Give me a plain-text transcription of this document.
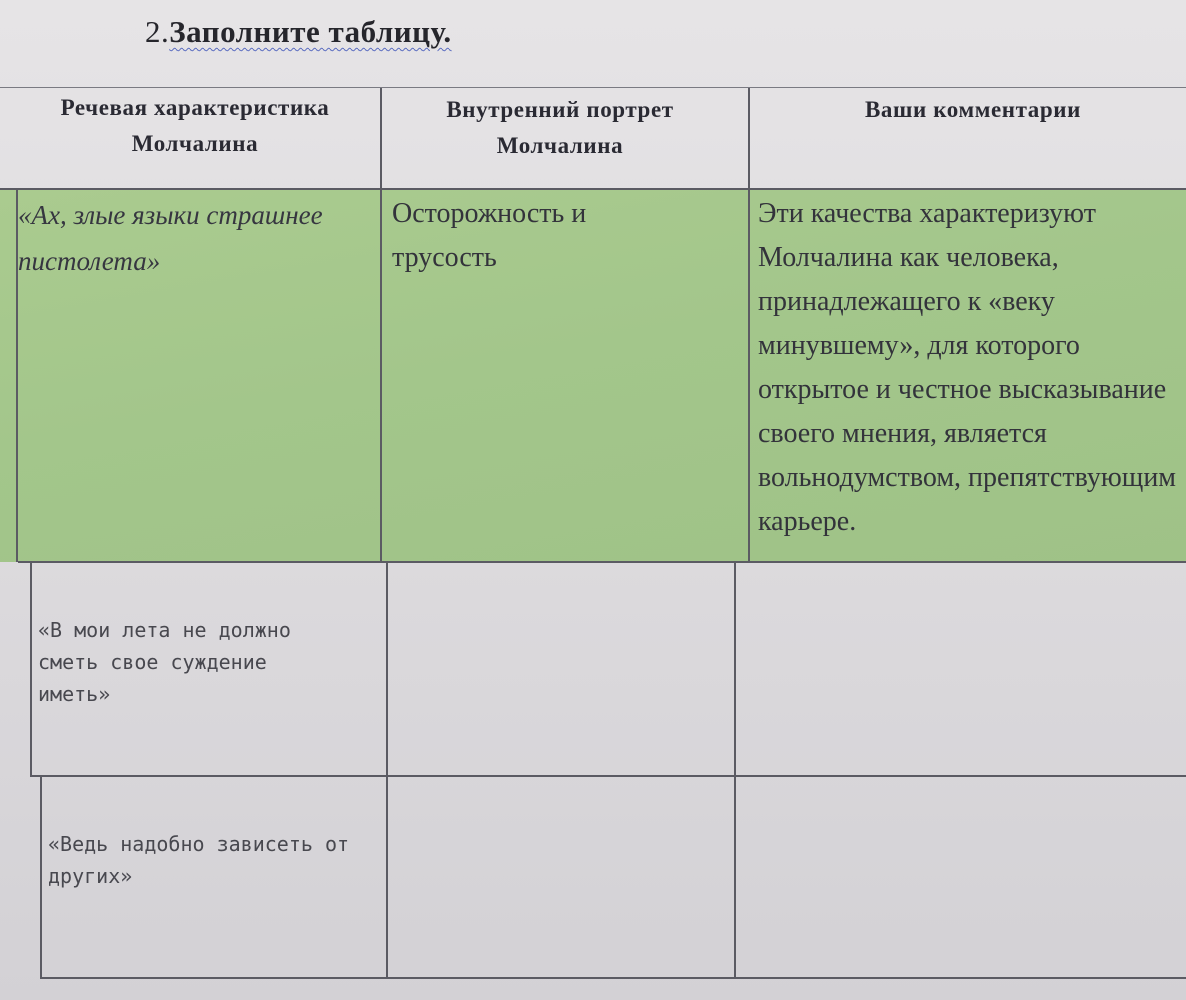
2.Заполните таблицу.
Речевая характеристика Молчалина
Внутренний портрет Молчалина
Ваши комментарии
«Ах, злые языки страшнее пистолета»
Осторожность и трусость
Эти качества характеризуют Молчалина как человека, принадлежащего к «веку минувшему», для которого открытое и честное высказывание своего мнения, является вольнодумством, препятствующим карьере.
«В мои лета не должно сметь свое суждение иметь»
«Ведь надобно зависеть от других»
